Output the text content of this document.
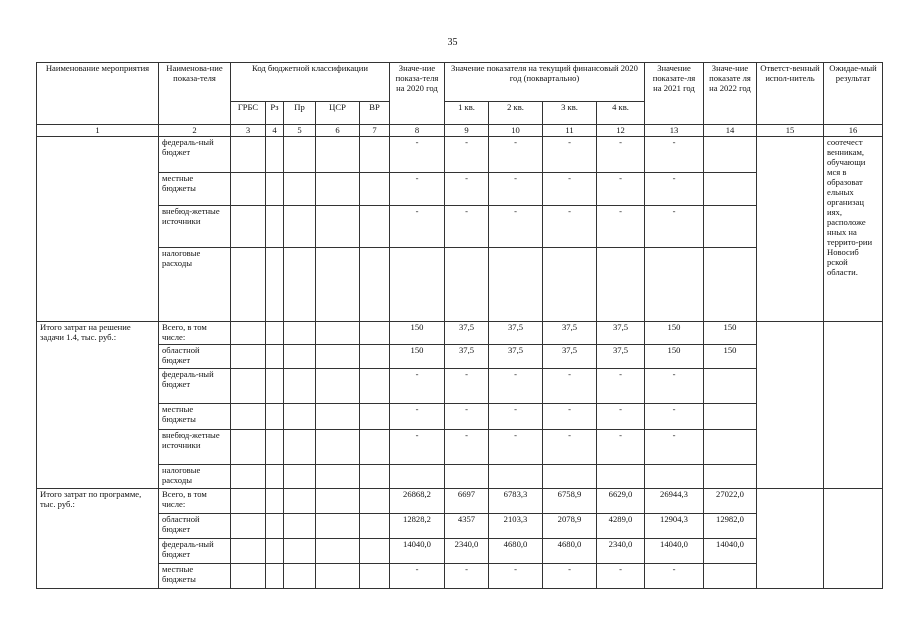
35
Наименование мероприятия	Наименова-ние показа-теля	Код бюджетной классификации					Значе-ние показа-теля на 2020 год	Значение показателя на текущий финансовый 2020 год (поквартально)				Значение показате-ля на 2021 год	Значе-ние показате ля на 2022 год	Ответст-венный испол-нитель	Ожидае-мый результат
		ГРБС	Рз	Пр	ЦСР	ВР		1 кв.	2 кв.	3 кв.	4 кв.				
1	2	3	4	5	6	7	8	9	10	11	12	13	14	15	16
	федераль-ный бюджет						-	-	-	-	-	-			соотечест венникам, обучающи мся в образоват ельных организац иях, расположе нных на террито-рии Новосиб рской области.
	местные бюджеты						-	-	-	-	-	-			
	внебюд-жетные источники						-	-	-	-	-	-			
	налоговые расходы														
Итого затрат на решение задачи 1.4, тыс. руб.:	Всего, в том числе:						150	37,5	37,5	37,5	37,5	150	150		
	областной бюджет						150	37,5	37,5	37,5	37,5	150	150		
	федераль-ный бюджет						-	-	-	-	-	-			
	местные бюджеты						-	-	-	-	-	-			
	внебюд-жетные источники						-	-	-	-	-	-			
	налоговые расходы														
Итого затрат по программе, тыс. руб.:	Всего, в том числе:						26868,2	6697	6783,3	6758,9	6629,0	26944,3	27022,0		
	областной бюджет						12828,2	4357	2103,3	2078,9	4289,0	12904,3	12982,0		
	федераль-ный бюджет						14040,0	2340,0	4680,0	4680,0	2340,0	14040,0	14040,0		
	местные бюджеты						-	-	-	-	-	-			
